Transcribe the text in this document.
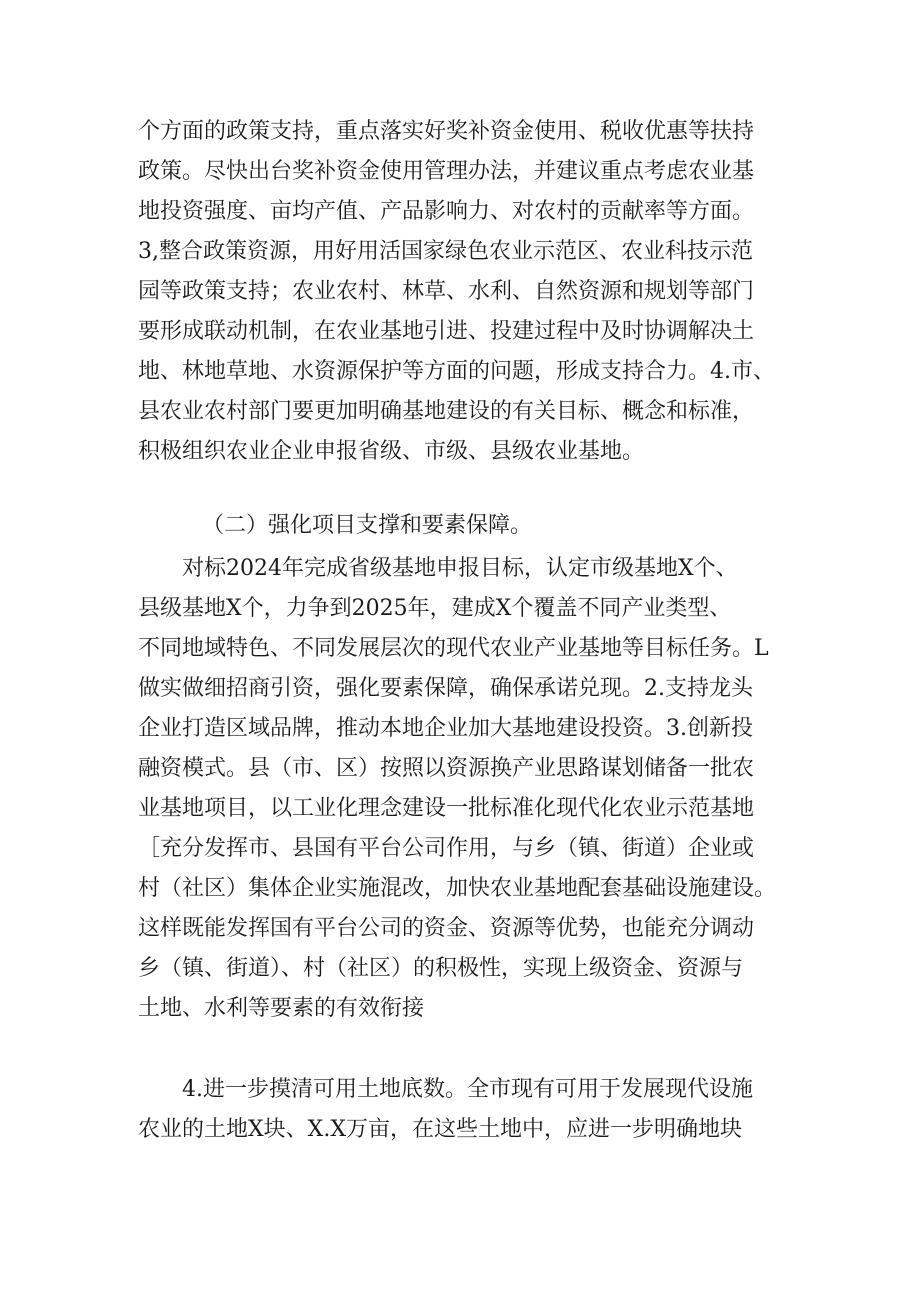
个方面的政策支持，重点落实好奖补资金使用、税收优惠等扶持
政策。尽快出台奖补资金使用管理办法，并建议重点考虑农业基
地投资强度、亩均产值、产品影响力、对农村的贡献率等方面。
3,整合政策资源，用好用活国家绿色农业示范区、农业科技示范
园等政策支持；农业农村、林草、水利、自然资源和规划等部门
要形成联动机制，在农业基地引进、投建过程中及时协调解决土
地、林地草地、水资源保护等方面的问题，形成支持合力。4.市、
县农业农村部门要更加明确基地建设的有关目标、概念和标准，
积极组织农业企业申报省级、市级、县级农业基地。
（二）强化项目支撑和要素保障。
对标2024年完成省级基地申报目标，认定市级基地X个、
县级基地X个，力争到2025年，建成X个覆盖不同产业类型、
不同地域特色、不同发展层次的现代农业产业基地等目标任务。L
做实做细招商引资，强化要素保障，确保承诺兑现。2.支持龙头
企业打造区域品牌，推动本地企业加大基地建设投资。3.创新投
融资模式。县（市、区）按照以资源换产业思路谋划储备一批农
业基地项目，以工业化理念建设一批标准化现代化农业示范基地
［充分发挥市、县国有平台公司作用，与乡（镇、街道）企业或
村（社区）集体企业实施混改，加快农业基地配套基础设施建设。
这样既能发挥国有平台公司的资金、资源等优势，也能充分调动
乡（镇、街道）、村（社区）的积极性，实现上级资金、资源与
土地、水利等要素的有效衔接
4.进一步摸清可用土地底数。全市现有可用于发展现代设施
农业的土地X块、X.X万亩，在这些土地中，应进一步明确地块
